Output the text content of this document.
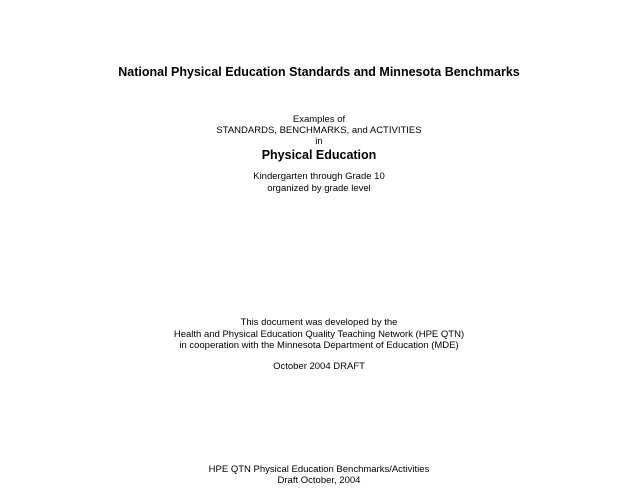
National Physical Education Standards and Minnesota Benchmarks
Examples of
STANDARDS, BENCHMARKS, and ACTIVITIES
in
Physical Education
Kindergarten through Grade 10
organized by grade level
This document was developed by the
Health and Physical Education Quality Teaching Network (HPE QTN)
in cooperation with the Minnesota Department of Education (MDE)
October 2004 DRAFT
HPE QTN Physical Education Benchmarks/Activities
Draft October, 2004
